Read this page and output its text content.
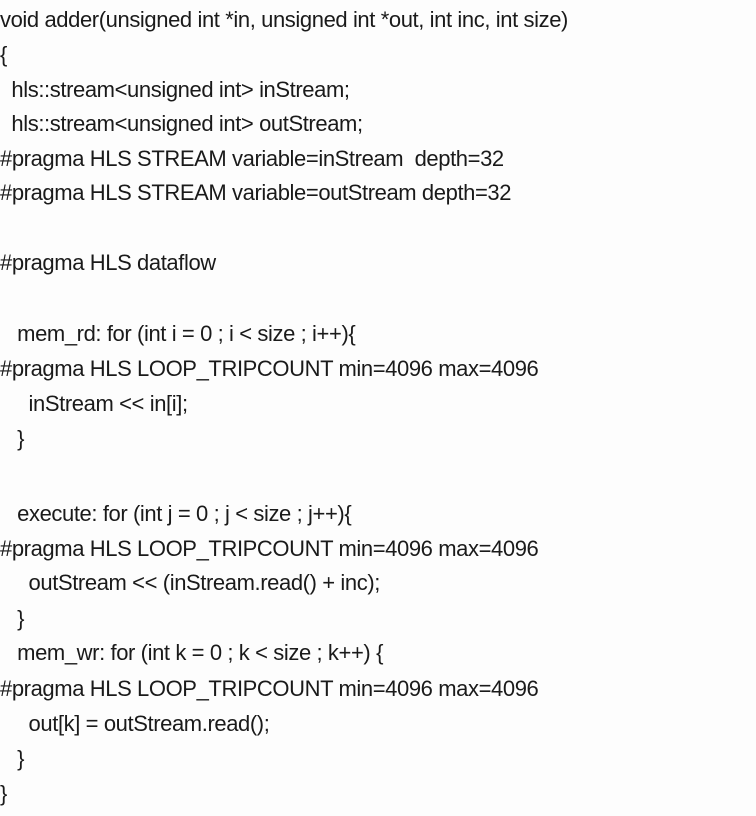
void adder(unsigned int *in, unsigned int *out, int inc, int size)
{
hls::stream<unsigned int> inStream;
hls::stream<unsigned int> outStream;
#pragma HLS STREAM variable=inStream  depth=32
#pragma HLS STREAM variable=outStream depth=32
#pragma HLS dataflow
mem_rd: for (int i = 0 ; i < size ; i++){
#pragma HLS LOOP_TRIPCOUNT min=4096 max=4096
inStream << in[i];
}
execute: for (int j = 0 ; j < size ; j++){
#pragma HLS LOOP_TRIPCOUNT min=4096 max=4096
outStream << (inStream.read() + inc);
}
mem_wr: for (int k = 0 ; k < size ; k++) {
#pragma HLS LOOP_TRIPCOUNT min=4096 max=4096
out[k] = outStream.read();
}
}
